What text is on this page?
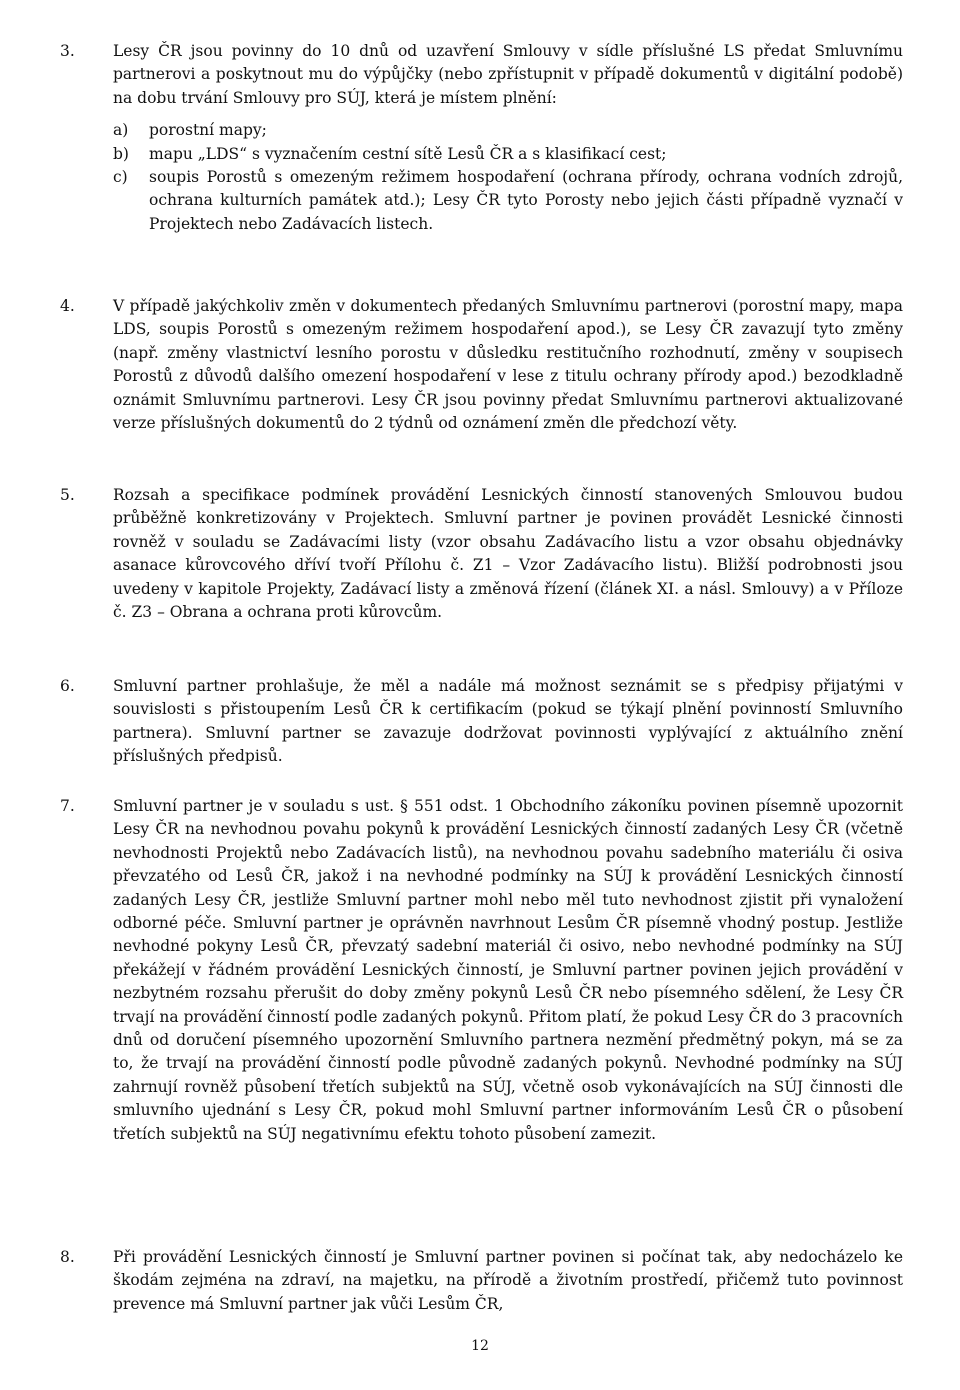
3.	Lesy ČR jsou povinny do 10 dnů od uzavření Smlouvy v sídle příslušné LS předat Smluvnímu partnerovi a poskytnout mu do výpůjčky (nebo zpřístupnit v případě dokumentů v digitální podobě) na dobu trvání Smlouvy pro SÚJ, která je místem plnění:
a)	porostní mapy;
b)	mapu „LDS“ s vyznačením cestní sítě Lesů ČR a s klasifikací cest;
c)	soupis Porostů s omezeným režimem hospodaření (ochrana přírody, ochrana vodních zdrojů, ochrana kulturních památek atd.); Lesy ČR tyto Porosty nebo jejich části případně vyznačí v Projektech nebo Zadávacích listech.
4.	V případě jakýchkoliv změn v dokumentech předaných Smluvnímu partnerovi (porostní mapy, mapa LDS, soupis Porostů s omezeným režimem hospodaření apod.), se Lesy ČR zavazují tyto změny (např. změny vlastnictví lesního porostu v důsledku restitučního rozhodnutí, změny v soupisech Porostů z důvodů dalšího omezení hospodaření v lese z titulu ochrany přírody apod.) bezodkladně oznámit Smluvnímu partnerovi. Lesy ČR jsou povinny předat Smluvnímu partnerovi aktualizované verze příslušných dokumentů do 2 týdnů od oznámení změn dle předchozí věty.
5.	Rozsah a specifikace podmínek provádění Lesnických činností stanovených Smlouvou budou průběžně konkretizovány v Projektech. Smluvní partner je povinen provádět Lesnické činnosti rovněž v souladu se Zadávacími listy (vzor obsahu Zadávacího listu a vzor obsahu objednávky asanace kůrovcového dříví tvoří Přílohu č. Z1 – Vzor Zadávacího listu). Bližší podrobnosti jsou uvedeny v kapitole Projekty, Zadávací listy a změnová řízení (článek XI. a násl. Smlouvy) a v Příloze č. Z3 – Obrana a ochrana proti kůrovcům.
6.	Smluvní partner prohlašuje, že měl a nadále má možnost seznámit se s předpisy přijatými v souvislosti s přistoupením Lesů ČR k certifikacím (pokud se týkají plnění povinností Smluvního partnera). Smluvní partner se zavazuje dodržovat povinnosti vyplývající z aktuálního znění příslušných předpisů.
7.	Smluvní partner je v souladu s ust. § 551 odst. 1 Obchodního zákoníku povinen písemně upozornit Lesy ČR na nevhodnou povahu pokynů k provádění Lesnických činností zadaných Lesy ČR (včetně nevhodnosti Projektů nebo Zadávacích listů), na nevhodnou povahu sadebního materiálu či osiva převzatého od Lesů ČR, jakož i na nevhodné podmínky na SÚJ k provádění Lesnických činností zadaných Lesy ČR, jestliže Smluvní partner mohl nebo měl tuto nevhodnost zjistit při vynaložení odborné péče. Smluvní partner je oprávněn navrhnout Lesům ČR písemně vhodný postup. Jestliže nevhodné pokyny Lesů ČR, převzatý sadební materiál či osivo, nebo nevhodné podmínky na SÚJ překážejí v řádném provádění Lesnických činností, je Smluvní partner povinen jejich provádění v nezbytném rozsahu přerušit do doby změny pokynů Lesů ČR nebo písemného sdělení, že Lesy ČR trvají na provádění činností podle zadaných pokynů. Přitom platí, že pokud Lesy ČR do 3 pracovních dnů od doručení písemného upozornění Smluvního partnera nezmění předmětný pokyn, má se za to, že trvají na provádění činností podle původně zadaných pokynů. Nevhodné podmínky na SÚJ zahrnují rovněž působení třetích subjektů na SÚJ, včetně osob vykonávajících na SÚJ činnosti dle smluvního ujednání s Lesy ČR, pokud mohl Smluvní partner informováním Lesů ČR o působení třetích subjektů na SÚJ negativnímu efektu tohoto působení zamezit.
8.	Při provádění Lesnických činností je Smluvní partner povinen si počínat tak, aby nedocházelo ke škodám zejména na zdraví, na majetku, na přírodě a životním prostředí, přičemž tuto povinnost prevence má Smluvní partner jak vůči Lesům ČR,
12
